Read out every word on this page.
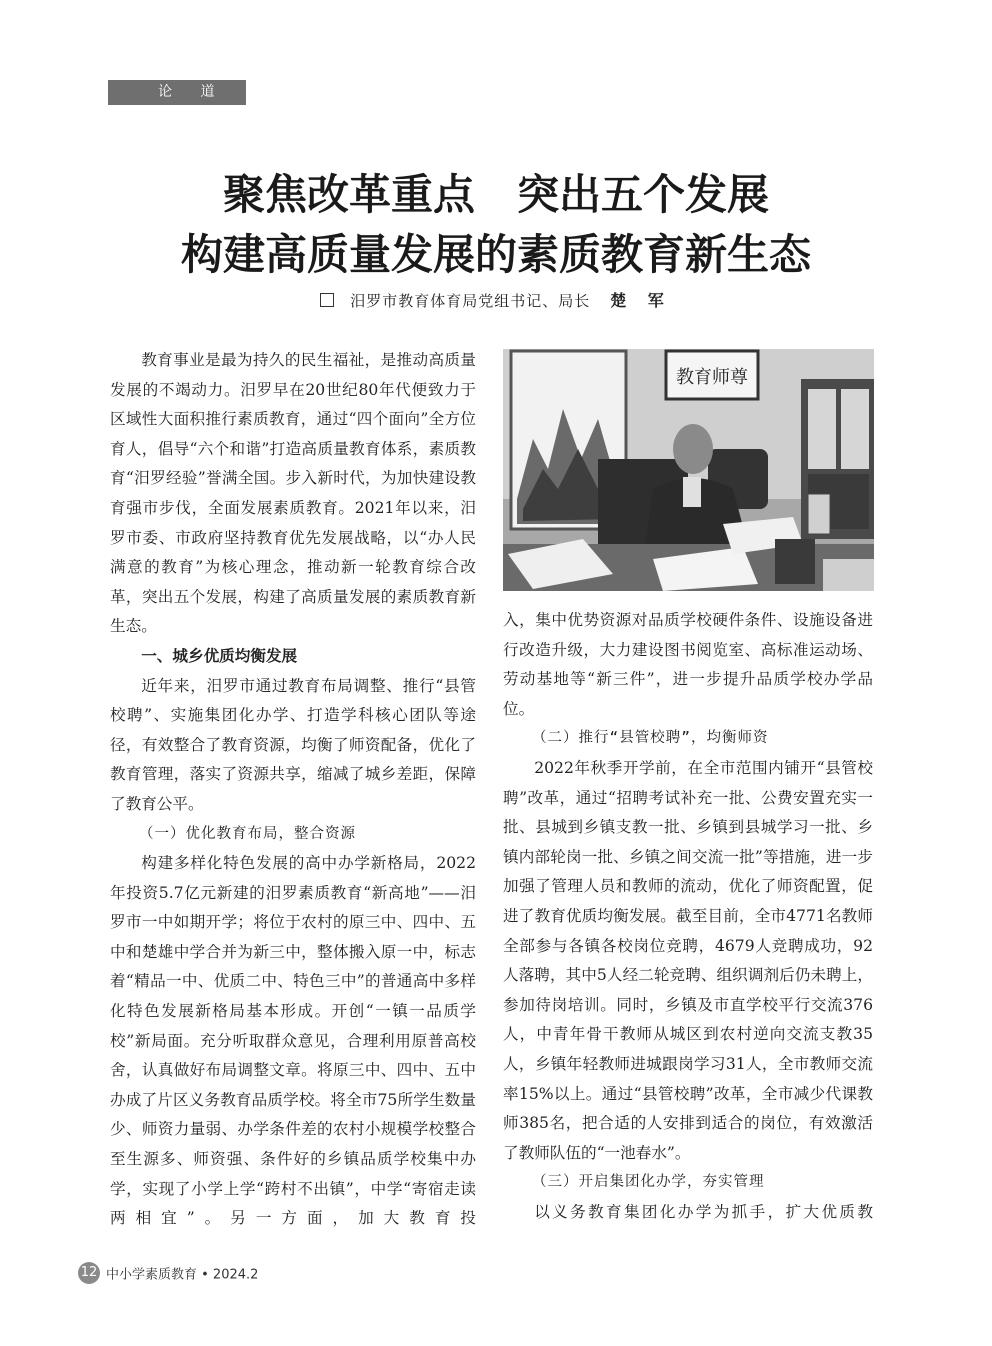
论 道
聚焦改革重点　突出五个发展
构建高质量发展的素质教育新生态
汨罗市教育体育局党组书记、局长 楚 军

教育事业是最为持久的民生福祉，是推动高质量发展的不竭动力。汨罗早在20世纪80年代便致力于区域性大面积推行素质教育，通过“四个面向”全方位育人，倡导“六个和谐”打造高质量教育体系，素质教育“汨罗经验”誉满全国。步入新时代，为加快建设教育强市步伐，全面发展素质教育。2021年以来，汨罗市委、市政府坚持教育优先发展战略，以“办人民满意的教育”为核心理念，推动新一轮教育综合改革，突出五个发展，构建了高质量发展的素质教育新生态。

一、城乡优质均衡发展

近年来，汨罗市通过教育布局调整、推行“县管校聘”、实施集团化办学、打造学科核心团队等途径，有效整合了教育资源，均衡了师资配备，优化了教育管理，落实了资源共享，缩减了城乡差距，保障了教育公平。

（一）优化教育布局，整合资源

构建多样化特色发展的高中办学新格局，2022年投资5.7亿元新建的汨罗素质教育“新高地”——汨罗市一中如期开学；将位于农村的原三中、四中、五中和楚雄中学合并为新三中，整体搬入原一中，标志着“精品一中、优质二中、特色三中”的普通高中多样化特色发展新格局基本形成。开创“一镇一品质学校”新局面。充分听取群众意见，合理利用原普高校舍，认真做好布局调整文章。将原三中、四中、五中办成了片区义务教育品质学校。将全市75所学生数量少、师资力量弱、办学条件差的农村小规模学校整合至生源多、师资强、条件好的乡镇品质学校集中办学，实现了小学上学“跨村不出镇”，中学“寄宿走读两相宜”。另一方面，加大教育投

教育师尊

入，集中优势资源对品质学校硬件条件、设施设备进行改造升级，大力建设图书阅览室、高标准运动场、劳动基地等“新三件”，进一步提升品质学校办学品位。

（二）推行“县管校聘”，均衡师资

2022年秋季开学前，在全市范围内铺开“县管校聘”改革，通过“招聘考试补充一批、公费安置充实一批、县城到乡镇支教一批、乡镇到县城学习一批、乡镇内部轮岗一批、乡镇之间交流一批”等措施，进一步加强了管理人员和教师的流动，优化了师资配置，促进了教育优质均衡发展。截至目前，全市4771名教师全部参与各镇各校岗位竞聘，4679人竞聘成功，92人落聘，其中5人经二轮竞聘、组织调剂后仍未聘上，参加待岗培训。同时，乡镇及市直学校平行交流376人，中青年骨干教师从城区到农村逆向交流支教35人，乡镇年轻教师进城跟岗学习31人，全市教师交流率15%以上。通过“县管校聘”改革，全市减少代课教师385名，把合适的人安排到适合的岗位，有效激活了教师队伍的“一池春水”。

（三）开启集团化办学，夯实管理

以义务教育集团化办学为抓手，扩大优质教

12 中小学素质教育 • 2024.2
